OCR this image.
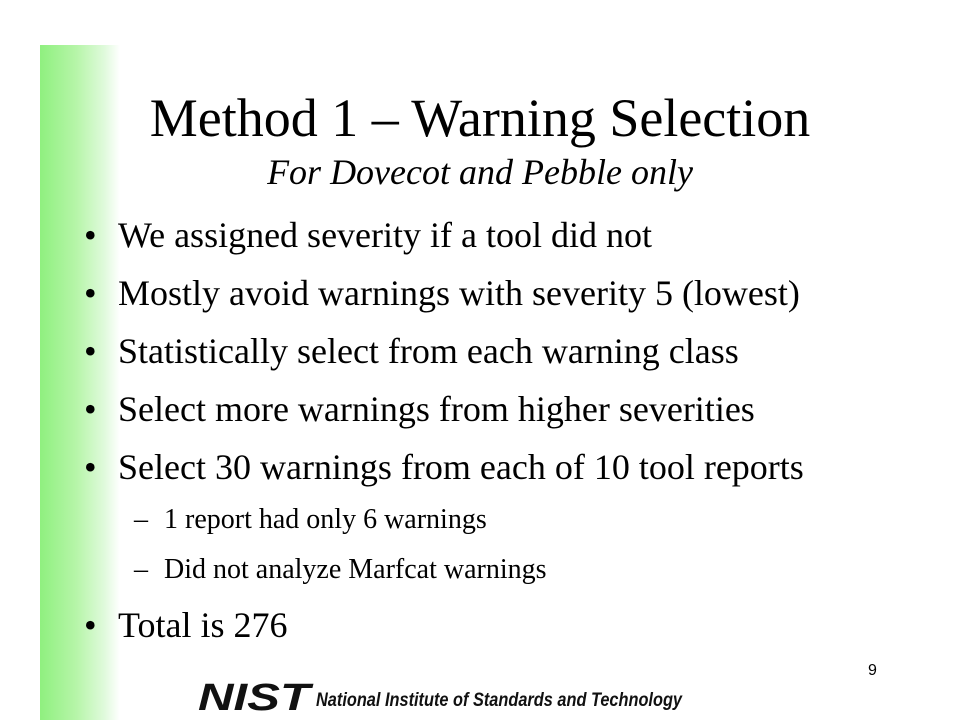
Method 1 – Warning Selection
For Dovecot and Pebble only
• We assigned severity if a tool did not
• Mostly avoid warnings with severity 5 (lowest)
• Statistically select from each warning class
• Select more warnings from higher severities
• Select 30 warnings from each of 10 tool reports
– 1 report had only 6 warnings
– Did not analyze Marfcat warnings
• Total is 276
9
NIST National Institute of Standards and Technology
